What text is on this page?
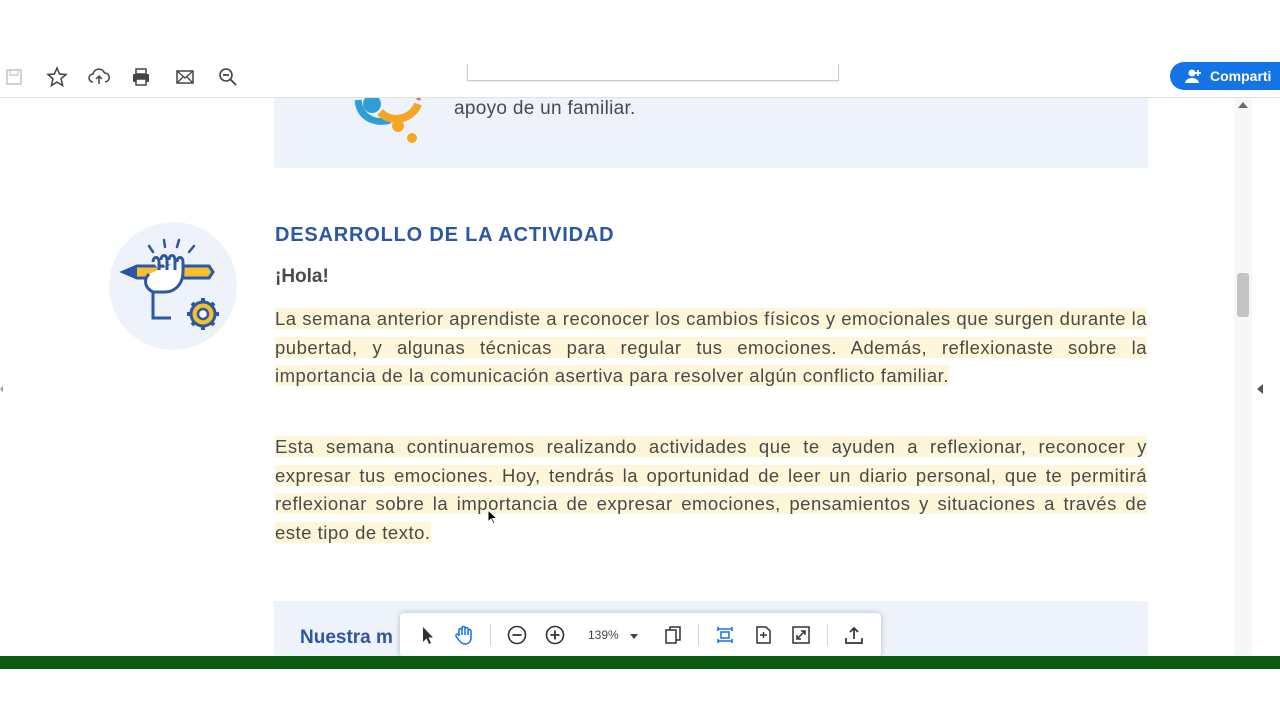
Comparti
apoyo de un familiar.
DESARROLLO DE LA ACTIVIDAD
¡Hola!

La semana anterior aprendiste a reconocer los cambios físicos y emocionales que surgen durante la pubertad, y algunas técnicas para regular tus emociones. Además, reflexionaste sobre la importancia de la comunicación asertiva para resolver algún conflicto familiar.

Esta semana continuaremos realizando actividades que te ayuden a reflexionar, reconocer y expresar tus emociones. Hoy, tendrás la oportunidad de leer un diario personal, que te permitirá reflexionar sobre la importancia de expresar emociones, pensamientos y situaciones a través de este tipo de texto.

Nuestra m	139%
